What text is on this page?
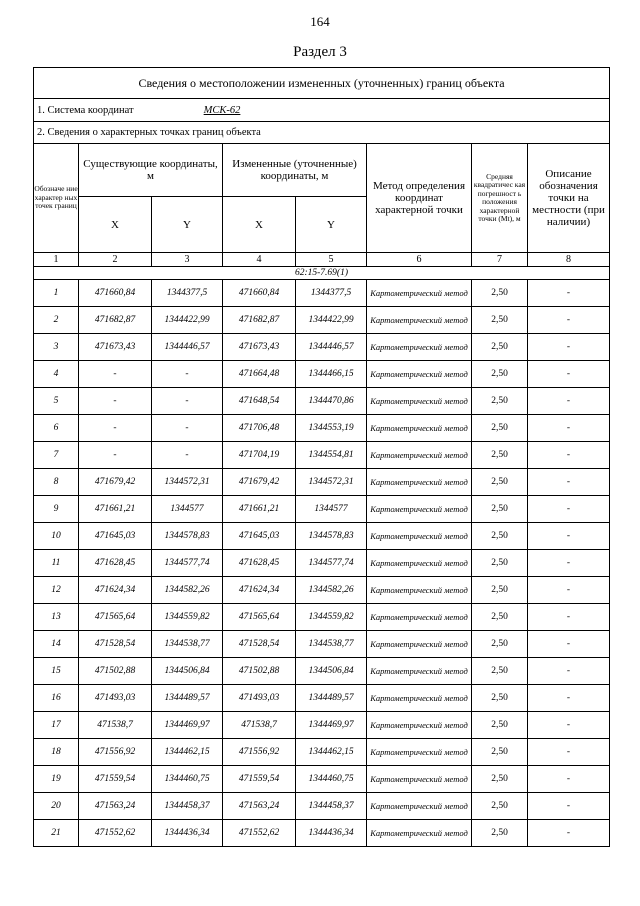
164
Раздел 3
Сведения о местоположении измененных (уточненных) границ объекта							
1. Система координат МСК-62							
2. Сведения о характерных точках границ объекта							
Обозначе ние характер ных точек границ	Существующие координаты, м		Измененные (уточненные) координаты, м		Метод определения координат характерной точки	Средняя квадратичес кая погрешност ь положения характерной точки (Mt), м	Описание обозначения точки на местности (при наличии)
	X	Y	X	Y			
1	2	3	4	5	6	7	8
62:15-7.69(1)							
1	471660,84	1344377,5	471660,84	1344377,5	Картометрический метод	2,50	-
2	471682,87	1344422,99	471682,87	1344422,99	Картометрический метод	2,50	-
3	471673,43	1344446,57	471673,43	1344446,57	Картометрический метод	2,50	-
4	-	-	471664,48	1344466,15	Картометрический метод	2,50	-
5	-	-	471648,54	1344470,86	Картометрический метод	2,50	-
6	-	-	471706,48	1344553,19	Картометрический метод	2,50	-
7	-	-	471704,19	1344554,81	Картометрический метод	2,50	-
8	471679,42	1344572,31	471679,42	1344572,31	Картометрический метод	2,50	-
9	471661,21	1344577	471661,21	1344577	Картометрический метод	2,50	-
10	471645,03	1344578,83	471645,03	1344578,83	Картометрический метод	2,50	-
11	471628,45	1344577,74	471628,45	1344577,74	Картометрический метод	2,50	-
12	471624,34	1344582,26	471624,34	1344582,26	Картометрический метод	2,50	-
13	471565,64	1344559,82	471565,64	1344559,82	Картометрический метод	2,50	-
14	471528,54	1344538,77	471528,54	1344538,77	Картометрический метод	2,50	-
15	471502,88	1344506,84	471502,88	1344506,84	Картометрический метод	2,50	-
16	471493,03	1344489,57	471493,03	1344489,57	Картометрический метод	2,50	-
17	471538,7	1344469,97	471538,7	1344469,97	Картометрический метод	2,50	-
18	471556,92	1344462,15	471556,92	1344462,15	Картометрический метод	2,50	-
19	471559,54	1344460,75	471559,54	1344460,75	Картометрический метод	2,50	-
20	471563,24	1344458,37	471563,24	1344458,37	Картометрический метод	2,50	-
21	471552,62	1344436,34	471552,62	1344436,34	Картометрический метод	2,50	-
